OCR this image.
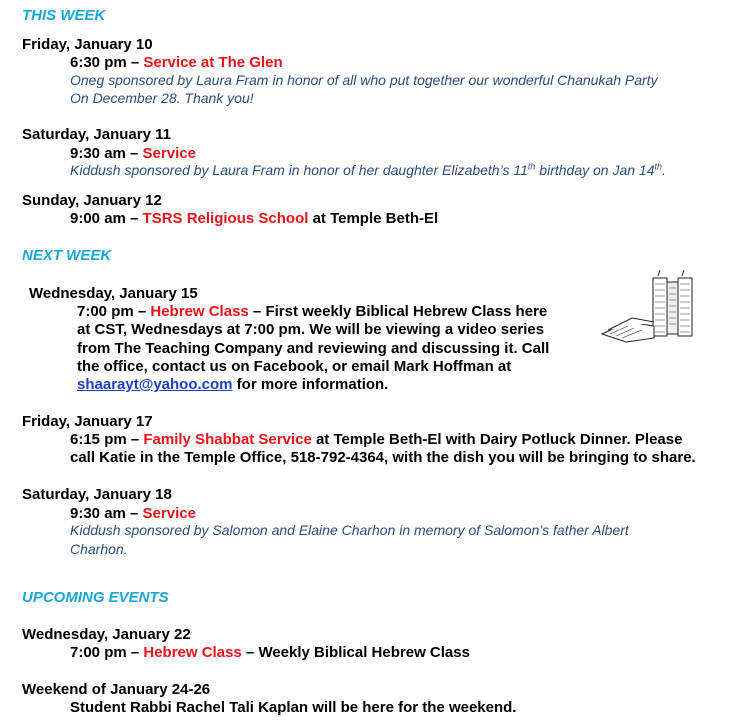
THIS WEEK
Friday, January 10
6:30 pm – Service at The Glen
Oneg sponsored by Laura Fram in honor of all who put together our wonderful Chanukah Party
On December 28. Thank you!
Saturday, January 11
9:30 am – Service
Kiddush sponsored by Laura Fram in honor of her daughter Elizabeth’s 11th birthday on Jan 14th.
Sunday, January 12
9:00 am – TSRS Religious School at Temple Beth-El
NEXT WEEK
Wednesday, January 15
7:00 pm – Hebrew Class – First weekly Biblical Hebrew Class here
at CST, Wednesdays at 7:00 pm. We will be viewing a video series
from The Teaching Company and reviewing and discussing it. Call
the office, contact us on Facebook, or email Mark Hoffman at
shaarayt@yahoo.com for more information.
Friday, January 17
6:15 pm – Family Shabbat Service at Temple Beth-El with Dairy Potluck Dinner. Please
call Katie in the Temple Office, 518-792-4364, with the dish you will be bringing to share.
Saturday, January 18
9:30 am – Service
Kiddush sponsored by Salomon and Elaine Charhon in memory of Salomon’s father Albert
Charhon.
UPCOMING EVENTS
Wednesday, January 22
7:00 pm – Hebrew Class – Weekly Biblical Hebrew Class
Weekend of January 24-26
Student Rabbi Rachel Tali Kaplan will be here for the weekend.
